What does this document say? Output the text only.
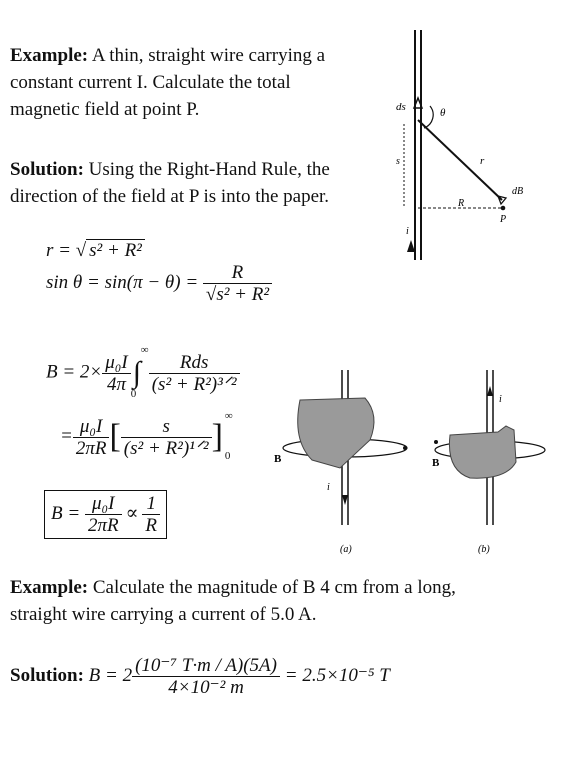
Example: A thin, straight wire carrying a
constant current I. Calculate the total
magnetic field at point P.
Solution: Using the Right-Hand Rule, the
direction of the field at P is into the paper.
r = √ s² + R²
$\sin \theta = \sin(\pi - \theta) = \frac{R}{\text{√s² + R²}}$
$B = 2\times \frac{\text{μ₀I}}{4\pi}$ ∫
∞
$0 \frac{\text{Rds}}{\text{(s² + R²)³ᐟ²}}$
= $\frac{\text{μ₀I}}{2\pi R}$ [ $\frac{s}{\text{(s² + R²)¹ᐟ²}}$ ]
∞
0
$B = \frac{\text{μ₀I}}{2\pi R} \propto \frac{1}{R}$
ds	θ
s	r
dB
R
P
i
B
i
(a)
B
i
(b)
Example: Calculate the magnitude of B 4 cm from a long,
straight wire carrying a current of 5.0 A.
Solution: $B = 2 \frac{\text{(10⁻⁷ T·m / A)(5A)}}{\text{4×10⁻² m}} = 2.5\times 10^{-5}$ T
